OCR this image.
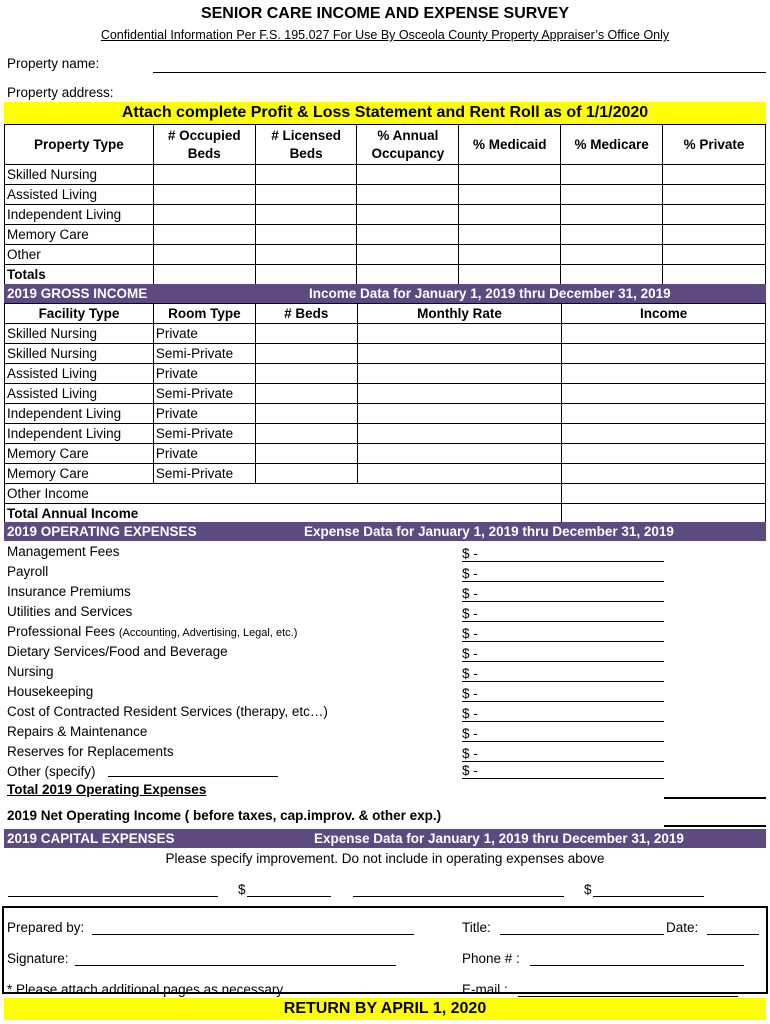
SENIOR CARE INCOME AND EXPENSE SURVEY
Confidential Information Per F.S. 195.027 For Use By Osceola County Property Appraiser’s Office Only
Property name:
Property address:
Attach complete Profit & Loss Statement and Rent Roll as of 1/1/2020
Property Type	# Occupied Beds	# Licensed Beds	% Annual Occupancy	% Medicaid	% Medicare	% Private
Skilled Nursing						
Assisted Living						
Independent Living						
Memory Care						
Other						
Totals						
2019 GROSS INCOME	Income Data for January 1, 2019 thru December 31, 2019
Facility Type	Room Type	# Beds	Monthly Rate	Income
Skilled Nursing	Private			
Skilled Nursing	Semi-Private			
Assisted Living	Private			
Assisted Living	Semi-Private			
Independent Living	Private			
Independent Living	Semi-Private			
Memory Care	Private			
Memory Care	Semi-Private			
Other Income				
Total Annual Income				
2019 OPERATING EXPENSES	Expense Data for January 1, 2019 thru December 31, 2019
Management Fees	$ -
Payroll	$ -
Insurance Premiums	$ -
Utilities and Services	$ -
Professional Fees (Accounting, Advertising, Legal, etc.)	$ -
Dietary Services/Food and Beverage	$ -
Nursing	$ -
Housekeeping	$ -
Cost of Contracted Resident Services (therapy, etc…)	$ -
Repairs & Maintenance	$ -
Reserves for Replacements	$ -
Other (specify)	$ -
Total 2019 Operating Expenses
2019 Net Operating Income ( before taxes, cap.improv. & other exp.)
2019 CAPITAL EXPENSES	Expense Data for January 1, 2019 thru December 31, 2019
Please specify improvement. Do not include in operating expenses above
$	$
Prepared by:	Title:	Date:
Signature:	Phone # :
* Please attach additional pages as necessary.	E-mail :
RETURN BY APRIL 1, 2020
